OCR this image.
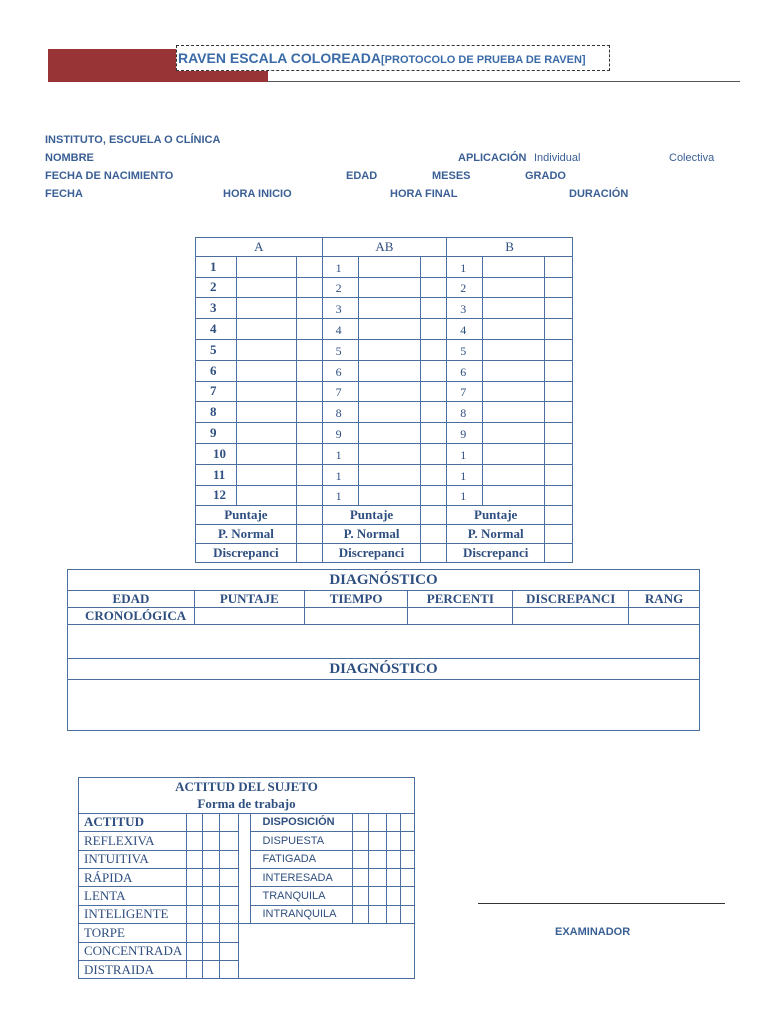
RAVEN ESCALA COLOREADA[PROTOCOLO DE PRUEBA DE RAVEN]
INSTITUTO, ESCUELA O CLÍNICA
NOMBRE	APLICACIÓN Individual	Colectiva
FECHA DE NACIMIENTO	EDAD	MESES	GRADO
FECHA	HORA INICIO	HORA FINAL	DURACIÓN
A			AB			B		
1			1			1		
2			2			2		
3			3			3		
4			4			4		
5			5			5		
6			6			6		
7			7			7		
8			8			8		
9			9			9		
10			1			1		
11			1			1		
12			1			1		
Puntaje			Puntaje			Puntaje		
P. Normal			P. Normal			P. Normal		
Discrepanci			Discrepanci			Discrepanci		
DIAGNÓSTICO					
EDAD	PUNTAJE	TIEMPO	PERCENTI	DISCREPANCI	RANG
CRONOLÓGICA					

DIAGNÓSTICO					

ACTITUD DEL SUJETO									
Forma de trabajo									
ACTITUD					DISPOSICIÓN				
REFLEXIVA					DISPUESTA				
INTUITIVA					FATIGADA				
RÁPIDA					INTERESADA				
LENTA					TRANQUILA				
INTELIGENTE					INTRANQUILA				
TORPE									
CONCENTRADA									
DISTRAIDA									
EXAMINADOR
